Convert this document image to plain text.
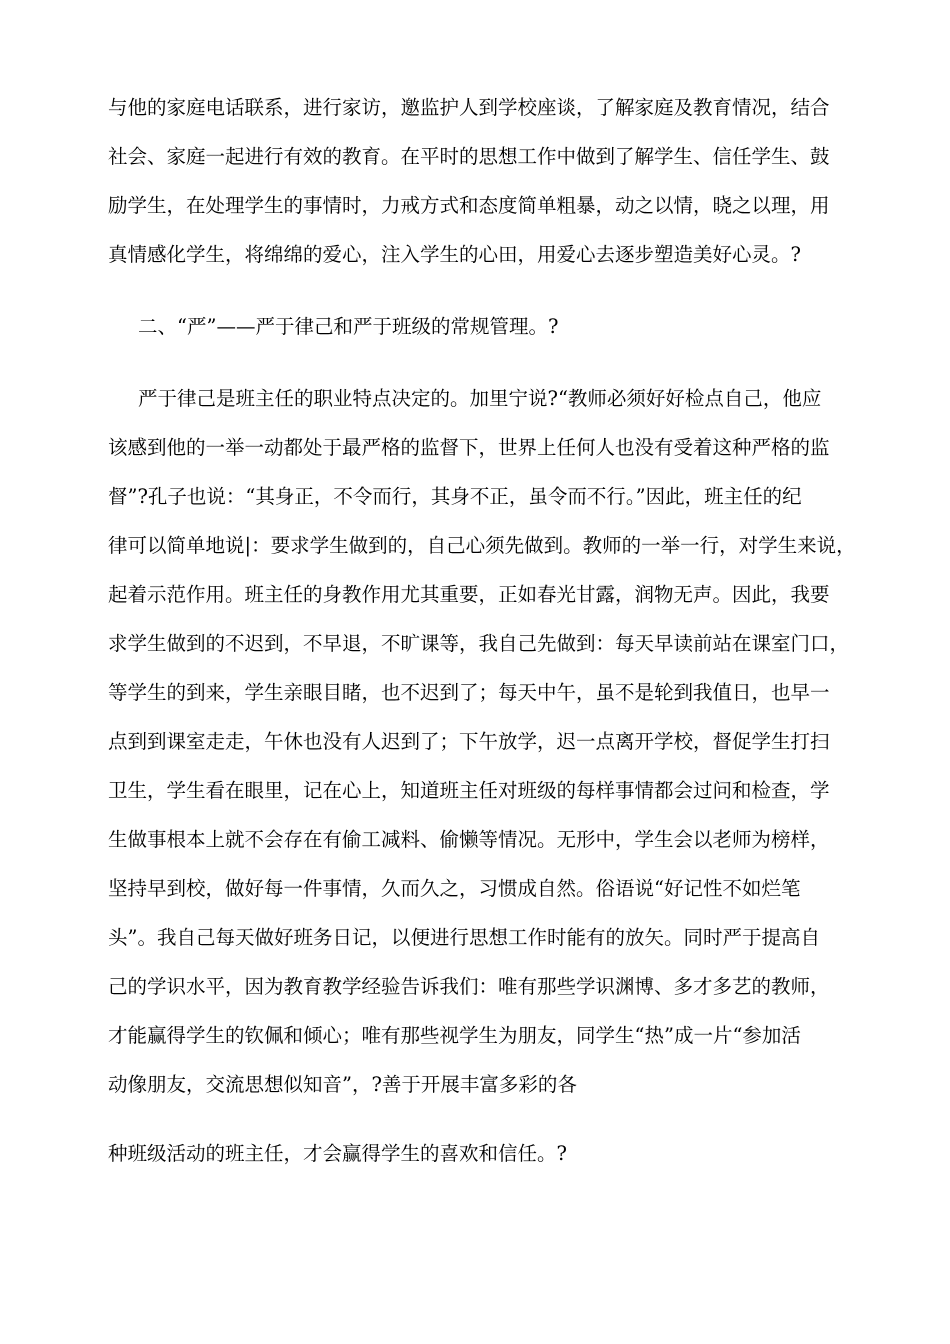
与他的家庭电话联系，进行家访，邀监护人到学校座谈，了解家庭及教育情况，结合
社会、家庭一起进行有效的教育。在平时的思想工作中做到了解学生、信任学生、鼓
励学生，在处理学生的事情时，力戒方式和态度简单粗暴，动之以情，晓之以理，用
真情感化学生，将绵绵的爱心，注入学生的心田，用爱心去逐步塑造美好心灵。?
二、“严”——严于律己和严于班级的常规管理。?
严于律己是班主任的职业特点决定的。加里宁说?“教师必须好好检点自己，他应
该感到他的一举一动都处于最严格的监督下，世界上任何人也没有受着这种严格的监
督”?孔子也说：“其身正，不令而行，其身不正，虽令而不行。”因此，班主任的纪
律可以简单地说|：要求学生做到的，自己心须先做到。教师的一举一行，对学生来说，
起着示范作用。班主任的身教作用尤其重要，正如春光甘露，润物无声。因此，我要
求学生做到的不迟到，不早退，不旷课等，我自己先做到：每天早读前站在课室门口，
等学生的到来，学生亲眼目睹，也不迟到了；每天中午，虽不是轮到我值日，也早一
点到到课室走走，午休也没有人迟到了；下午放学，迟一点离开学校，督促学生打扫
卫生，学生看在眼里，记在心上，知道班主任对班级的每样事情都会过问和检查，学
生做事根本上就不会存在有偷工减料、偷懒等情况。无形中，学生会以老师为榜样，
坚持早到校，做好每一件事情，久而久之，习惯成自然。俗语说“好记性不如烂笔
头”。我自己每天做好班务日记，以便进行思想工作时能有的放矢。同时严于提高自
己的学识水平，因为教育教学经验告诉我们：唯有那些学识渊博、多才多艺的教师，
才能赢得学生的钦佩和倾心；唯有那些视学生为朋友，同学生“热”成一片“参加活
动像朋友，交流思想似知音”，?善于开展丰富多彩的各
种班级活动的班主任，才会赢得学生的喜欢和信任。?
